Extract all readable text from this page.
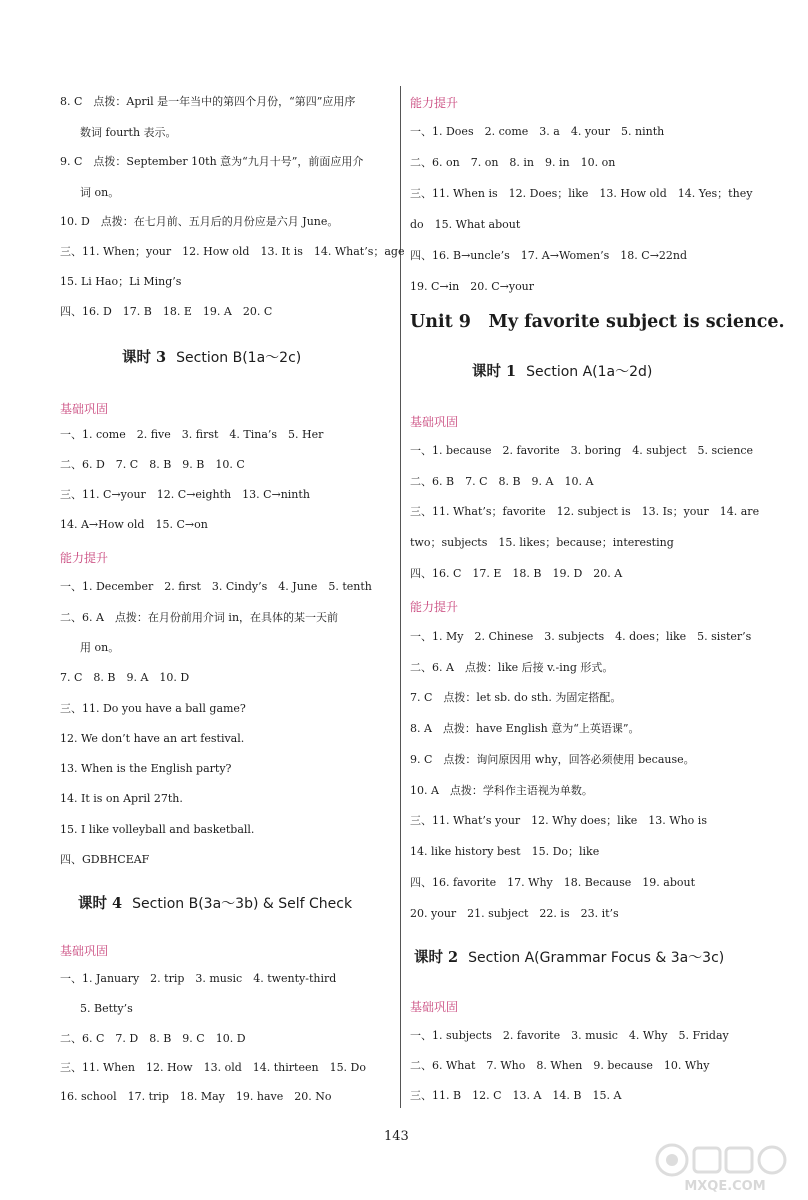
8. C　点拨：April 是一年当中的第四个月份，“第四”应用序
数词 fourth 表示。
9. C　点拨：September 10th 意为“九月十号”，前面应用介
词 on。
10. D　点拨：在七月前、五月后的月份应是六月 June。
三、11. When；your　12. How old　13. It is　14. What’s；age
15. Li Hao；Li Ming’s
四、16. D　17. B　18. E　19. A　20. C
课时 3 Section B(1a～2c)
基础巩固
一、1. come　2. five　3. first　4. Tina’s　5. Her
二、6. D　7. C　8. B　9. B　10. C
三、11. C→your　12. C→eighth　13. C→ninth
14. A→How old　15. C→on
能力提升
一、1. December　2. first　3. Cindy’s　4. June　5. tenth
二、6. A　点拨：在月份前用介词 in，在具体的某一天前
用 on。
7. C　8. B　9. A　10. D
三、11. Do you have a ball game?
12. We don’t have an art festival.
13. When is the English party?
14. It is on April 27th.
15. I like volleyball and basketball.
四、GDBHCEAF
课时 4 Section B(3a～3b) & Self Check
基础巩固
一、1. January　2. trip　3. music　4. twenty-third
5. Betty’s
二、6. C　7. D　8. B　9. C　10. D
三、11. When　12. How　13. old　14. thirteen　15. Do
16. school　17. trip　18. May　19. have　20. No
能力提升
一、1. Does　2. come　3. a　4. your　5. ninth
二、6. on　7. on　8. in　9. in　10. on
三、11. When is　12. Does；like　13. How old　14. Yes；they
do　15. What about
四、16. B→uncle’s　17. A→Women’s　18. C→22nd
19. C→in　20. C→your
Unit 9　My favorite subject is science.
课时 1 Section A(1a～2d)
基础巩固
一、1. because　2. favorite　3. boring　4. subject　5. science
二、6. B　7. C　8. B　9. A　10. A
三、11. What’s；favorite　12. subject is　13. Is；your　14. are
two；subjects　15. likes；because；interesting
四、16. C　17. E　18. B　19. D　20. A
能力提升
一、1. My　2. Chinese　3. subjects　4. does；like　5. sister’s
二、6. A　点拨：like 后接 v.-ing 形式。
7. C　点拨：let sb. do sth. 为固定搭配。
8. A　点拨：have English 意为“上英语课”。
9. C　点拨：询问原因用 why，回答必须使用 because。
10. A　点拨：学科作主语视为单数。
三、11. What’s your　12. Why does；like　13. Who is
14. like history best　15. Do；like
四、16. favorite　17. Why　18. Because　19. about
20. your　21. subject　22. is　23. it’s
课时 2 Section A(Grammar Focus & 3a～3c)
基础巩固
一、1. subjects　2. favorite　3. music　4. Why　5. Friday
二、6. What　7. Who　8. When　9. because　10. Why
三、11. B　12. C　13. A　14. B　15. A
143
MXQE.COM
